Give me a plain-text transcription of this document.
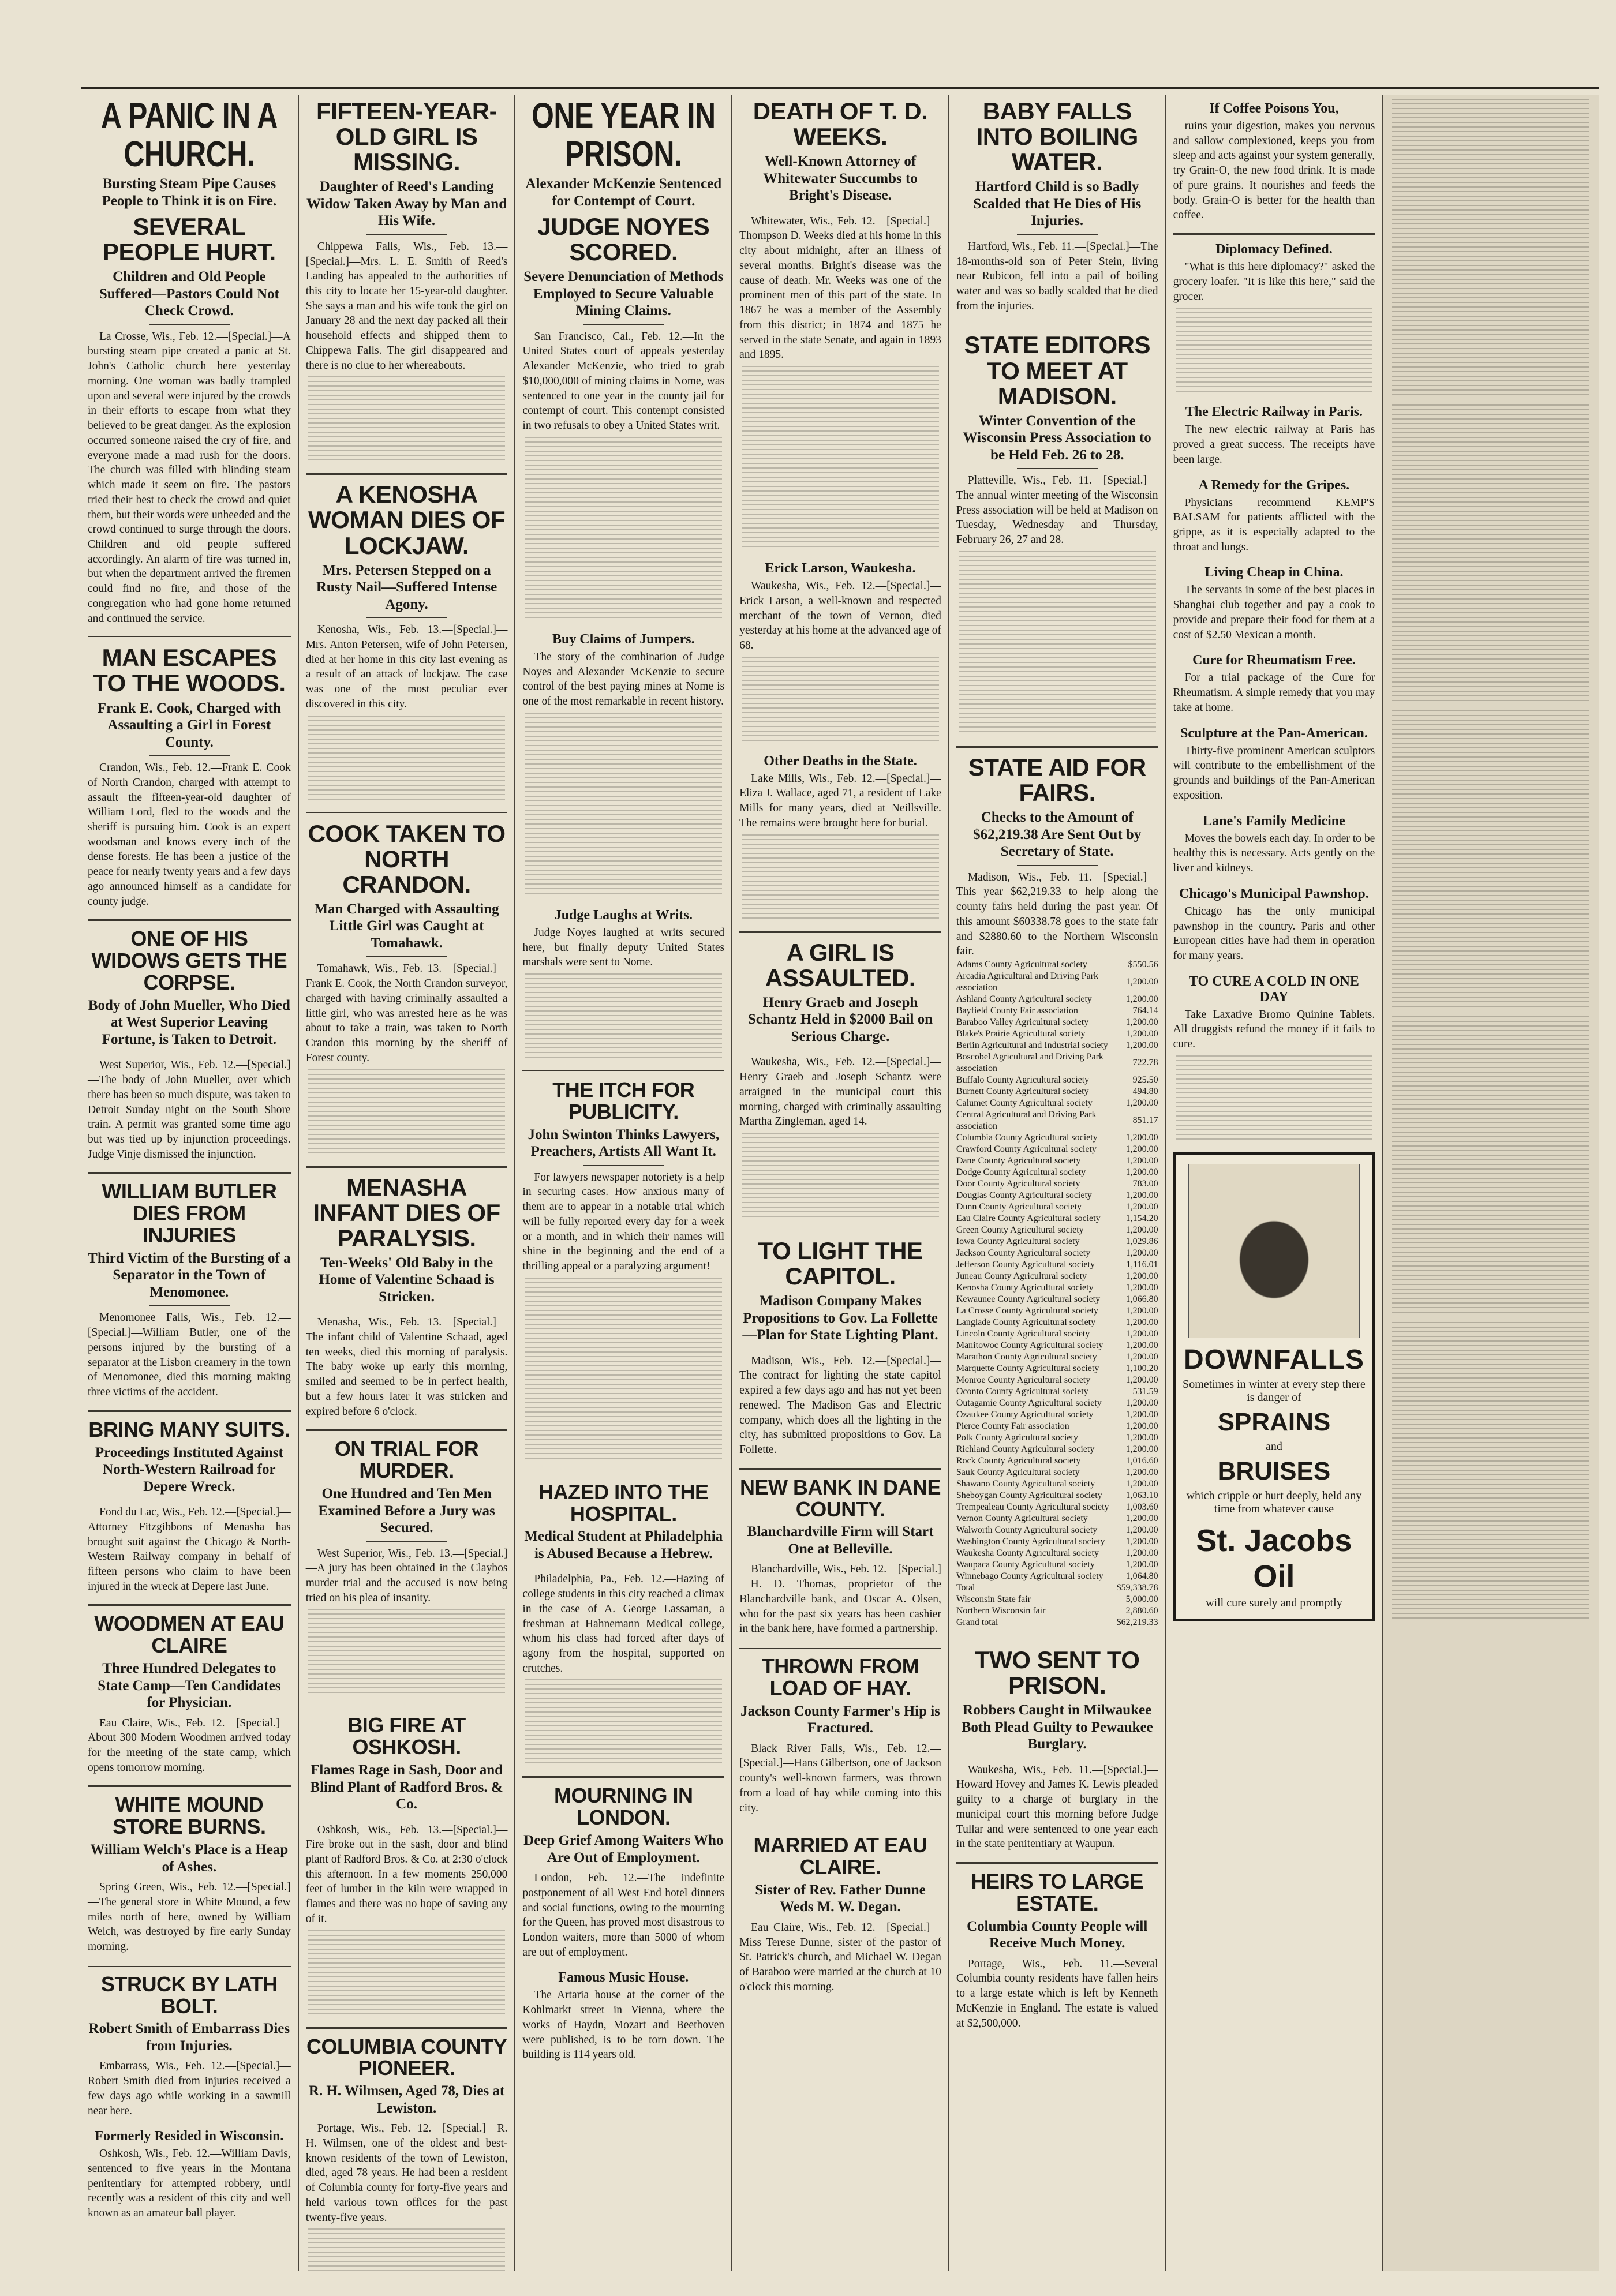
A PANIC IN A CHURCH.
Bursting Steam Pipe Causes People to Think it is on Fire.
SEVERAL PEOPLE HURT.
Children and Old People Suffered—Pastors Could Not Check Crowd.

La Crosse, Wis., Feb. 12.—[Special.]—A bursting steam pipe created a panic at St. John's Catholic church here yesterday morning. One woman was badly trampled upon and several were injured by the crowds in their efforts to escape from what they believed to be great danger. As the explosion occurred someone raised the cry of fire, and everyone made a mad rush for the doors. The church was filled with blinding steam which made it seem on fire. The pastors tried their best to check the crowd and quiet them, but their words were unheeded and the crowd continued to surge through the doors. Children and old people suffered accordingly. An alarm of fire was turned in, but when the department arrived the firemen could find no fire, and those of the congregation who had gone home returned and continued the service.

MAN ESCAPES TO THE WOODS.
Frank E. Cook, Charged with Assaulting a Girl in Forest County.

Crandon, Wis., Feb. 12.—Frank E. Cook of North Crandon, charged with attempt to assault the fifteen-year-old daughter of William Lord, fled to the woods and the sheriff is pursuing him. Cook is an expert woodsman and knows every inch of the dense forests. He has been a justice of the peace for nearly twenty years and a few days ago announced himself as a candidate for county judge.

ONE OF HIS WIDOWS GETS THE CORPSE.
Body of John Mueller, Who Died at West Superior Leaving Fortune, is Taken to Detroit.

West Superior, Wis., Feb. 12.—[Special.]—The body of John Mueller, over which there has been so much dispute, was taken to Detroit Sunday night on the South Shore train. A permit was granted some time ago but was tied up by injunction proceedings. Judge Vinje dismissed the injunction.

WILLIAM BUTLER DIES FROM INJURIES
Third Victim of the Bursting of a Separator in the Town of Menomonee.

Menomonee Falls, Wis., Feb. 12.—[Special.]—William Butler, one of the persons injured by the bursting of a separator at the Lisbon creamery in the town of Menomonee, died this morning making three victims of the accident.

BRING MANY SUITS.
Proceedings Instituted Against North-Western Railroad for Depere Wreck.

Fond du Lac, Wis., Feb. 12.—[Special.]—Attorney Fitzgibbons of Menasha has brought suit against the Chicago & North-Western Railway company in behalf of fifteen persons who claim to have been injured in the wreck at Depere last June.

WOODMEN AT EAU CLAIRE
Three Hundred Delegates to State Camp—Ten Candidates for Physician.

Eau Claire, Wis., Feb. 12.—[Special.]—About 300 Modern Woodmen arrived today for the meeting of the state camp, which opens tomorrow morning.

WHITE MOUND STORE BURNS.
William Welch's Place is a Heap of Ashes.

Spring Green, Wis., Feb. 12.—[Special.]—The general store in White Mound, a few miles north of here, owned by William Welch, was destroyed by fire early Sunday morning.

STRUCK BY LATH BOLT.
Robert Smith of Embarrass Dies from Injuries.

Embarrass, Wis., Feb. 12.—[Special.]—Robert Smith died from injuries received a few days ago while working in a sawmill near here.

Formerly Resided in Wisconsin.

Oshkosh, Wis., Feb. 12.—William Davis, sentenced to five years in the Montana penitentiary for attempted robbery, until recently was a resident of this city and well known as an amateur ball player.

FIFTEEN-YEAR-OLD GIRL IS MISSING.
Daughter of Reed's Landing Widow Taken Away by Man and His Wife.

Chippewa Falls, Wis., Feb. 13.—[Special.]—Mrs. L. E. Smith of Reed's Landing has appealed to the authorities of this city to locate her 15-year-old daughter. She says a man and his wife took the girl on January 28 and the next day packed all their household effects and shipped them to Chippewa Falls. The girl disappeared and there is no clue to her whereabouts.

A KENOSHA WOMAN DIES OF LOCKJAW.
Mrs. Petersen Stepped on a Rusty Nail—Suffered Intense Agony.

Kenosha, Wis., Feb. 13.—[Special.]—Mrs. Anton Petersen, wife of John Petersen, died at her home in this city last evening as a result of an attack of lockjaw. The case was one of the most peculiar ever discovered in this city.

COOK TAKEN TO NORTH CRANDON.
Man Charged with Assaulting Little Girl was Caught at Tomahawk.

Tomahawk, Wis., Feb. 13.—[Special.]—Frank E. Cook, the North Crandon surveyor, charged with having criminally assaulted a little girl, who was arrested here as he was about to take a train, was taken to North Crandon this morning by the sheriff of Forest county.

MENASHA INFANT DIES OF PARALYSIS.
Ten-Weeks' Old Baby in the Home of Valentine Schaad is Stricken.

Menasha, Wis., Feb. 13.—[Special.]—The infant child of Valentine Schaad, aged ten weeks, died this morning of paralysis. The baby woke up early this morning, smiled and seemed to be in perfect health, but a few hours later it was stricken and expired before 6 o'clock.

ON TRIAL FOR MURDER.
One Hundred and Ten Men Examined Before a Jury was Secured.

West Superior, Wis., Feb. 13.—[Special.]—A jury has been obtained in the Claybos murder trial and the accused is now being tried on his plea of insanity.

BIG FIRE AT OSHKOSH.
Flames Rage in Sash, Door and Blind Plant of Radford Bros. & Co.

Oshkosh, Wis., Feb. 13.—[Special.]—Fire broke out in the sash, door and blind plant of Radford Bros. & Co. at 2:30 o'clock this afternoon. In a few moments 250,000 feet of lumber in the kiln were wrapped in flames and there was no hope of saving any of it.

COLUMBIA COUNTY PIONEER.
R. H. Wilmsen, Aged 78, Dies at Lewiston.

Portage, Wis., Feb. 12.—[Special.]—R. H. Wilmsen, one of the oldest and best-known residents of the town of Lewiston, died, aged 78 years. He had been a resident of Columbia county for forty-five years and held various town offices for the past twenty-five years.

ONE YEAR IN PRISON.
Alexander McKenzie Sentenced for Contempt of Court.
JUDGE NOYES SCORED.
Severe Denunciation of Methods Employed to Secure Valuable Mining Claims.

San Francisco, Cal., Feb. 12.—In the United States court of appeals yesterday Alexander McKenzie, who tried to grab $10,000,000 of mining claims in Nome, was sentenced to one year in the county jail for contempt of court. This contempt consisted in two refusals to obey a United States writ.

Buy Claims of Jumpers.

The story of the combination of Judge Noyes and Alexander McKenzie to secure control of the best paying mines at Nome is one of the most remarkable in recent history.

Judge Laughs at Writs.

Judge Noyes laughed at writs secured here, but finally deputy United States marshals were sent to Nome.

THE ITCH FOR PUBLICITY.
John Swinton Thinks Lawyers, Preachers, Artists All Want It.

For lawyers newspaper notoriety is a help in securing cases. How anxious many of them are to appear in a notable trial which will be fully reported every day for a week or a month, and in which their names will shine in the beginning and the end of a thrilling appeal or a paralyzing argument!

HAZED INTO THE HOSPITAL.
Medical Student at Philadelphia is Abused Because a Hebrew.

Philadelphia, Pa., Feb. 12.—Hazing of college students in this city reached a climax in the case of A. George Lassaman, a freshman at Hahnemann Medical college, whom his class had forced after days of agony from the hospital, supported on crutches.

MOURNING IN LONDON.
Deep Grief Among Waiters Who Are Out of Employment.

London, Feb. 12.—The indefinite postponement of all West End hotel dinners and social functions, owing to the mourning for the Queen, has proved most disastrous to London waiters, more than 5000 of whom are out of employment.

Famous Music House.

The Artaria house at the corner of the Kohlmarkt street in Vienna, where the works of Haydn, Mozart and Beethoven were published, is to be torn down. The building is 114 years old.

DEATH OF T. D. WEEKS.
Well-Known Attorney of Whitewater Succumbs to Bright's Disease.

Whitewater, Wis., Feb. 12.—[Special.]—Thompson D. Weeks died at his home in this city about midnight, after an illness of several months. Bright's disease was the cause of death. Mr. Weeks was one of the prominent men of this part of the state. In 1867 he was a member of the Assembly from this district; in 1874 and 1875 he served in the state Senate, and again in 1893 and 1895.

Erick Larson, Waukesha.

Waukesha, Wis., Feb. 12.—[Special.]—Erick Larson, a well-known and respected merchant of the town of Vernon, died yesterday at his home at the advanced age of 68.

Other Deaths in the State.

Lake Mills, Wis., Feb. 12.—[Special.]—Eliza J. Wallace, aged 71, a resident of Lake Mills for many years, died at Neillsville. The remains were brought here for burial.

A GIRL IS ASSAULTED.
Henry Graeb and Joseph Schantz Held in $2000 Bail on Serious Charge.

Waukesha, Wis., Feb. 12.—[Special.]—Henry Graeb and Joseph Schantz were arraigned in the municipal court this morning, charged with criminally assaulting Martha Zingleman, aged 14.

TO LIGHT THE CAPITOL.
Madison Company Makes Propositions to Gov. La Follette—Plan for State Lighting Plant.

Madison, Wis., Feb. 12.—[Special.]—The contract for lighting the state capitol expired a few days ago and has not yet been renewed. The Madison Gas and Electric company, which does all the lighting in the city, has submitted propositions to Gov. La Follette.

NEW BANK IN DANE COUNTY.
Blanchardville Firm will Start One at Belleville.

Blanchardville, Wis., Feb. 12.—[Special.]—H. D. Thomas, proprietor of the Blanchardville bank, and Oscar A. Olsen, who for the past six years has been cashier in the bank here, have formed a partnership.

THROWN FROM LOAD OF HAY.
Jackson County Farmer's Hip is Fractured.

Black River Falls, Wis., Feb. 12.—[Special.]—Hans Gilbertson, one of Jackson county's well-known farmers, was thrown from a load of hay while coming into this city.

MARRIED AT EAU CLAIRE.
Sister of Rev. Father Dunne Weds M. W. Degan.

Eau Claire, Wis., Feb. 12.—[Special.]—Miss Terese Dunne, sister of the pastor of St. Patrick's church, and Michael W. Degan of Baraboo were married at the church at 10 o'clock this morning.

BABY FALLS INTO BOILING WATER.
Hartford Child is so Badly Scalded that He Dies of His Injuries.

Hartford, Wis., Feb. 11.—[Special.]—The 18-months-old son of Peter Stein, living near Rubicon, fell into a pail of boiling water and was so badly scalded that he died from the injuries.

STATE EDITORS TO MEET AT MADISON.
Winter Convention of the Wisconsin Press Association to be Held Feb. 26 to 28.

Platteville, Wis., Feb. 11.—[Special.]—The annual winter meeting of the Wisconsin Press association will be held at Madison on Tuesday, Wednesday and Thursday, February 26, 27 and 28.

STATE AID FOR FAIRS.
Checks to the Amount of $62,219.38 Are Sent Out by Secretary of State.

Madison, Wis., Feb. 11.—[Special.]—This year $62,219.33 to help along the county fairs held during the past year. Of this amount $60338.78 goes to the state fair and $2880.60 to the Northern Wisconsin fair.

Adams County Agricultural society	$550.56
Arcadia Agricultural and Driving Park association	1,200.00
Ashland County Agricultural society	1,200.00
Bayfield County Fair association	764.14
Baraboo Valley Agricultural society	1,200.00
Blake's Prairie Agricultural society	1,200.00
Berlin Agricultural and Industrial society	1,200.00
Boscobel Agricultural and Driving Park association	722.78
Buffalo County Agricultural society	925.50
Burnett County Agricultural society	494.80
Calumet County Agricultural society	1,200.00
Central Agricultural and Driving Park association	851.17
Columbia County Agricultural society	1,200.00
Crawford County Agricultural society	1,200.00
Dane County Agricultural society	1,200.00
Dodge County Agricultural society	1,200.00
Door County Agricultural society	783.00
Douglas County Agricultural society	1,200.00
Dunn County Agricultural society	1,200.00
Eau Claire County Agricultural society	1,154.20
Green County Agricultural society	1,200.00
Iowa County Agricultural society	1,029.86
Jackson County Agricultural society	1,200.00
Jefferson County Agricultural society	1,116.01
Juneau County Agricultural society	1,200.00
Kenosha County Agricultural society	1,200.00
Kewaunee County Agricultural society	1,066.80
La Crosse County Agricultural society	1,200.00
Langlade County Agricultural society	1,200.00
Lincoln County Agricultural society	1,200.00
Manitowoc County Agricultural society	1,200.00
Marathon County Agricultural society	1,200.00
Marquette County Agricultural society	1,100.20
Monroe County Agricultural society	1,200.00
Oconto County Agricultural society	531.59
Outagamie County Agricultural society	1,200.00
Ozaukee County Agricultural society	1,200.00
Pierce County Fair association	1,200.00
Polk County Agricultural society	1,200.00
Richland County Agricultural society	1,200.00
Rock County Agricultural society	1,016.60
Sauk County Agricultural society	1,200.00
Shawano County Agricultural society	1,200.00
Sheboygan County Agricultural society	1,063.10
Trempealeau County Agricultural society	1,003.60
Vernon County Agricultural society	1,200.00
Walworth County Agricultural society	1,200.00
Washington County Agricultural society	1,200.00
Waukesha County Agricultural society	1,200.00
Waupaca County Agricultural society	1,200.00
Winnebago County Agricultural society	1,064.80
Total	$59,338.78
Wisconsin State fair	5,000.00
Northern Wisconsin fair	2,880.60
Grand total	$62,219.33
TWO SENT TO PRISON.
Robbers Caught in Milwaukee Both Plead Guilty to Pewaukee Burglary.

Waukesha, Wis., Feb. 11.—[Special.]—Howard Hovey and James K. Lewis pleaded guilty to a charge of burglary in the municipal court this morning before Judge Tullar and were sentenced to one year each in the state penitentiary at Waupun.

HEIRS TO LARGE ESTATE.
Columbia County People will Receive Much Money.

Portage, Wis., Feb. 11.—Several Columbia county residents have fallen heirs to a large estate which is left by Kenneth McKenzie in England. The estate is valued at $2,500,000.

If Coffee Poisons You,

ruins your digestion, makes you nervous and sallow complexioned, keeps you from sleep and acts against your system generally, try Grain-O, the new food drink. It is made of pure grains. It nourishes and feeds the body. Grain-O is better for the health than coffee.

Diplomacy Defined.

"What is this here diplomacy?" asked the grocery loafer. "It is like this here," said the grocer.

The Electric Railway in Paris.

The new electric railway at Paris has proved a great success. The receipts have been large.

A Remedy for the Gripes.

Physicians recommend KEMP'S BALSAM for patients afflicted with the grippe, as it is especially adapted to the throat and lungs.

Living Cheap in China.

The servants in some of the best places in Shanghai club together and pay a cook to provide and prepare their food for them at a cost of $2.50 Mexican a month.

Cure for Rheumatism Free.

For a trial package of the Cure for Rheumatism. A simple remedy that you may take at home.

Sculpture at the Pan-American.

Thirty-five prominent American sculptors will contribute to the embellishment of the grounds and buildings of the Pan-American exposition.

Lane's Family Medicine

Moves the bowels each day. In order to be healthy this is necessary. Acts gently on the liver and kidneys.

Chicago's Municipal Pawnshop.

Chicago has the only municipal pawnshop in the country. Paris and other European cities have had them in operation for many years.

TO CURE A COLD IN ONE DAY

Take Laxative Bromo Quinine Tablets. All druggists refund the money if it fails to cure.

DOWNFALLS
Sometimes in winter at every step there is danger of
SPRAINS
and
BRUISES
which cripple or hurt deeply, held any time from whatever cause
St. Jacobs Oil
will cure surely and promptly
